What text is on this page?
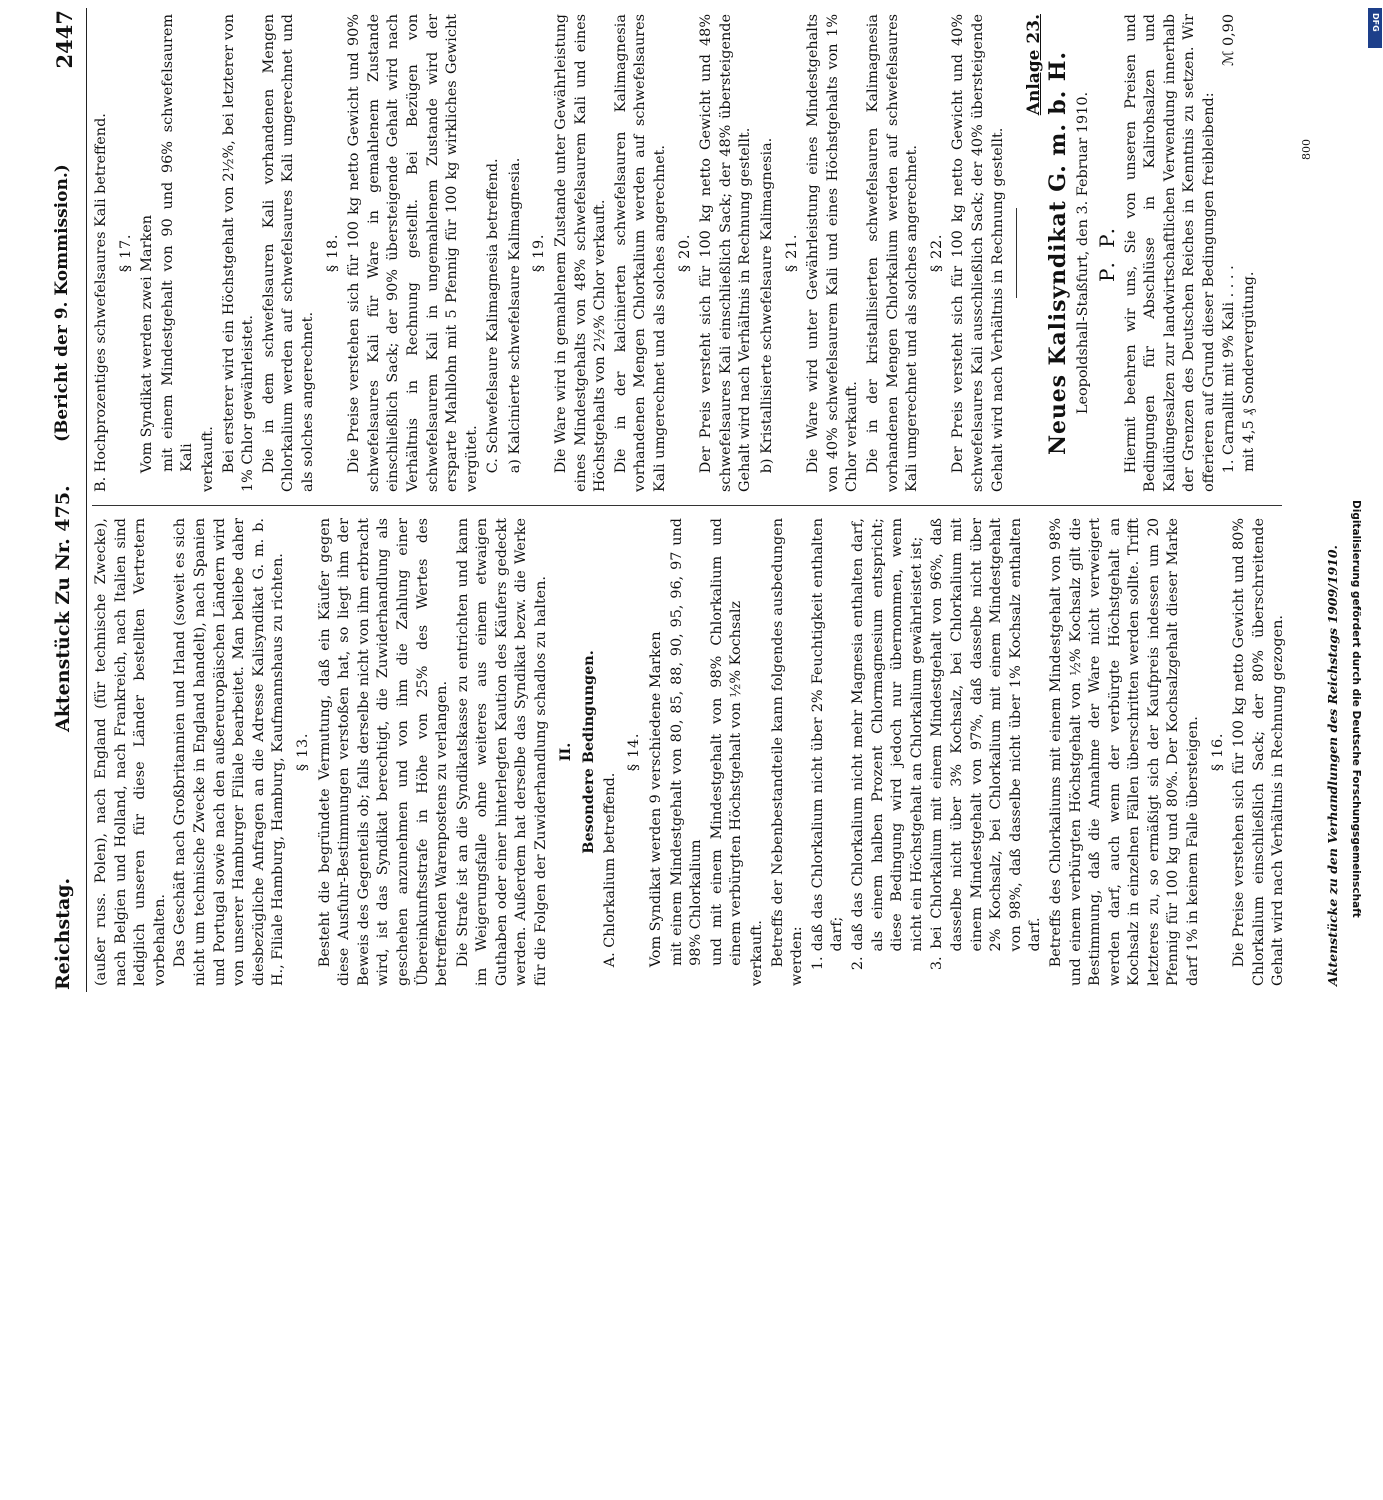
Reichstag.
Aktenstück Zu Nr. 475.
(Bericht der 9. Kommission.)
2447

(außer russ. Polen), nach England (für technische Zwecke), nach Belgien und Holland, nach Frankreich, nach Italien sind lediglich unseren für diese Länder bestellten Vertretern vorbehalten. Das Geschäft nach Großbritannien und Irland (soweit es sich nicht um technische Zwecke in England handelt), nach Spanien und Portugal sowie nach den außereuropäischen Ländern wird von unserer Hamburger Filiale bearbeitet. Man beliebe daher diesbezügliche Anfragen an die Adresse Kalisyndikat G. m. b. H., Filiale Hamburg, Hamburg, Kaufmannshaus zu richten. § 13. Besteht die begründete Vermutung, daß ein Käufer gegen diese Ausfuhr-Bestimmungen verstoßen hat, so liegt ihm der Beweis des Gegenteils ob; falls derselbe nicht von ihm erbracht wird, ist das Syndikat berechtigt, die Zuwiderhandlung als geschehen anzunehmen und von ihm die Zahlung einer Übereinkunftsstrafe in Höhe von 25% des Wertes des betreffenden Warenpostens zu verlangen. Die Strafe ist an die Syndikatskasse zu entrichten und kann im Weigerungsfalle ohne weiteres aus einem etwaigen Guthaben oder einer hinterlegten Kaution des Käufers gedeckt werden. Außerdem hat derselbe das Syndikat bezw. die Werke für die Folgen der Zuwiderhandlung schadlos zu halten. II. Besondere Bedingungen.
A. Chlorkalium betreffend.
§ 14. Vom Syndikat werden 9 verschiedene Marken mit einem Mindestgehalt von 80, 85, 88, 90, 95, 96, 97 und 98% Chlorkalium und mit einem Mindestgehalt von 98% Chlorkalium und einem verbürgten Höchstgehalt von ½% Kochsalz verkauft. Betreffs der Nebenbestandteile kann folgendes ausbedungen werden: 1. daß das Chlorkalium nicht über 2% Feuchtigkeit enthalten darf; 2. daß das Chlorkalium nicht mehr Magnesia enthalten darf, als einem halben Prozent Chlormagnesium entspricht; diese Bedingung wird jedoch nur übernommen, wenn nicht ein Höchstgehalt an Chlorkalium gewährleistet ist; 3. bei Chlorkalium mit einem Mindestgehalt von 96%, daß dasselbe nicht über 3% Kochsalz, bei Chlorkalium mit einem Mindestgehalt von 97%, daß dasselbe nicht über 2% Kochsalz, bei Chlorkalium mit einem Mindestgehalt von 98%, daß dasselbe nicht über 1% Kochsalz enthalten darf. Betreffs des Chlorkaliums mit einem Mindestgehalt von 98% und einem verbürgten Höchstgehalt von ½% Kochsalz gilt die Bestimmung, daß die Annahme der Ware nicht verweigert werden darf, auch wenn der verbürgte Höchstgehalt an Kochsalz in einzelnen Fällen überschritten werden sollte. Trifft letzteres zu, so ermäßigt sich der Kaufpreis indessen um 20 Pfennig für 100 kg und 80%. Der Kochsalzgehalt dieser Marke darf 1% in keinem Falle übersteigen. § 16. Die Preise verstehen sich für 100 kg netto Gewicht und 80% Chlorkalium einschließlich Sack; der 80% überschreitende Gehalt wird nach Verhältnis in Rechnung gezogen.

B. Hochprozentiges schwefelsaures Kali betreffend. § 17. Vom Syndikat werden zwei Marken mit einem Mindestgehalt von 90 und 96% schwefelsaurem Kali verkauft. Bei ersterer wird ein Höchstgehalt von 2½%, bei letzterer von 1% Chlor gewährleistet. Die in dem schwefelsauren Kali vorhandenen Mengen Chlorkalium werden auf schwefelsaures Kali umgerechnet und als solches angerechnet.

§ 18. Die Preise verstehen sich für 100 kg netto Gewicht und 90% schwefelsaures Kali für Ware in gemahlenem Zustande einschließlich Sack; der 90% übersteigende Gehalt wird nach Verhältnis in Rechnung gestellt. Bei Bezügen von schwefelsaurem Kali in ungemahlenem Zustande wird der ersparte Mahllohn mit 5 Pfennig für 100 kg wirkliches Gewicht vergütet. C. Schwefelsaure Kalimagnesia betreffend. a) Kalcinierte schwefelsaure Kalimagnesia. § 19. Die Ware wird in gemahlenem Zustande unter Gewährleistung eines Mindestgehalts von 48% schwefelsaurem Kali und eines Höchstgehalts von 2½% Chlor verkauft. Die in der kalcinierten schwefelsauren Kalimagnesia vorhandenen Mengen Chlorkalium werden auf schwefelsaures Kali umgerechnet und als solches angerechnet. § 20. Der Preis versteht sich für 100 kg netto Gewicht und 48% schwefelsaures Kali einschließlich Sack; der 48% übersteigende Gehalt wird nach Verhältnis in Rechnung gestellt. b) Kristallisierte schwefelsaure Kalimagnesia. § 21. Die Ware wird unter Gewährleistung eines Mindestgehalts von 40% schwefelsaurem Kali und eines Höchstgehalts von 1% Chlor verkauft. Die in der kristallisierten schwefelsauren Kalimagnesia vorhandenen Mengen Chlorkalium werden auf schwefelsaures Kali umgerechnet und als solches angerechnet. § 22. Der Preis versteht sich für 100 kg netto Gewicht und 40% schwefelsaures Kali ausschließlich Sack; der 40% übersteigende Gehalt wird nach Verhältnis in Rechnung gestellt.

Anlage 23. Neues Kalisyndikat G. m. b. H. Leopoldshall-Staßfurt, den 3. Februar 1910. P. P. Hiermit beehren wir uns, Sie von unseren Preisen und Bedingungen für Abschlüsse in Kalirohsalzen und Kalidüngesalzen zur landwirtschaftlichen Verwendung innerhalb der Grenzen des Deutschen Reiches in Kenntnis zu setzen. Wir offerieren auf Grund dieser Bedingungen freibleibend: 1. Carnallit mit 9% Kali . . . .
ℳ 0,90

mit 4,5 ₰ Sondervergütung.

Aktenstücke zu den Verhandlungen des Reichstags 1909/1910.
800
DFG
Digitalisierung gefördert durch die Deutsche Forschungsgemeinschaft
